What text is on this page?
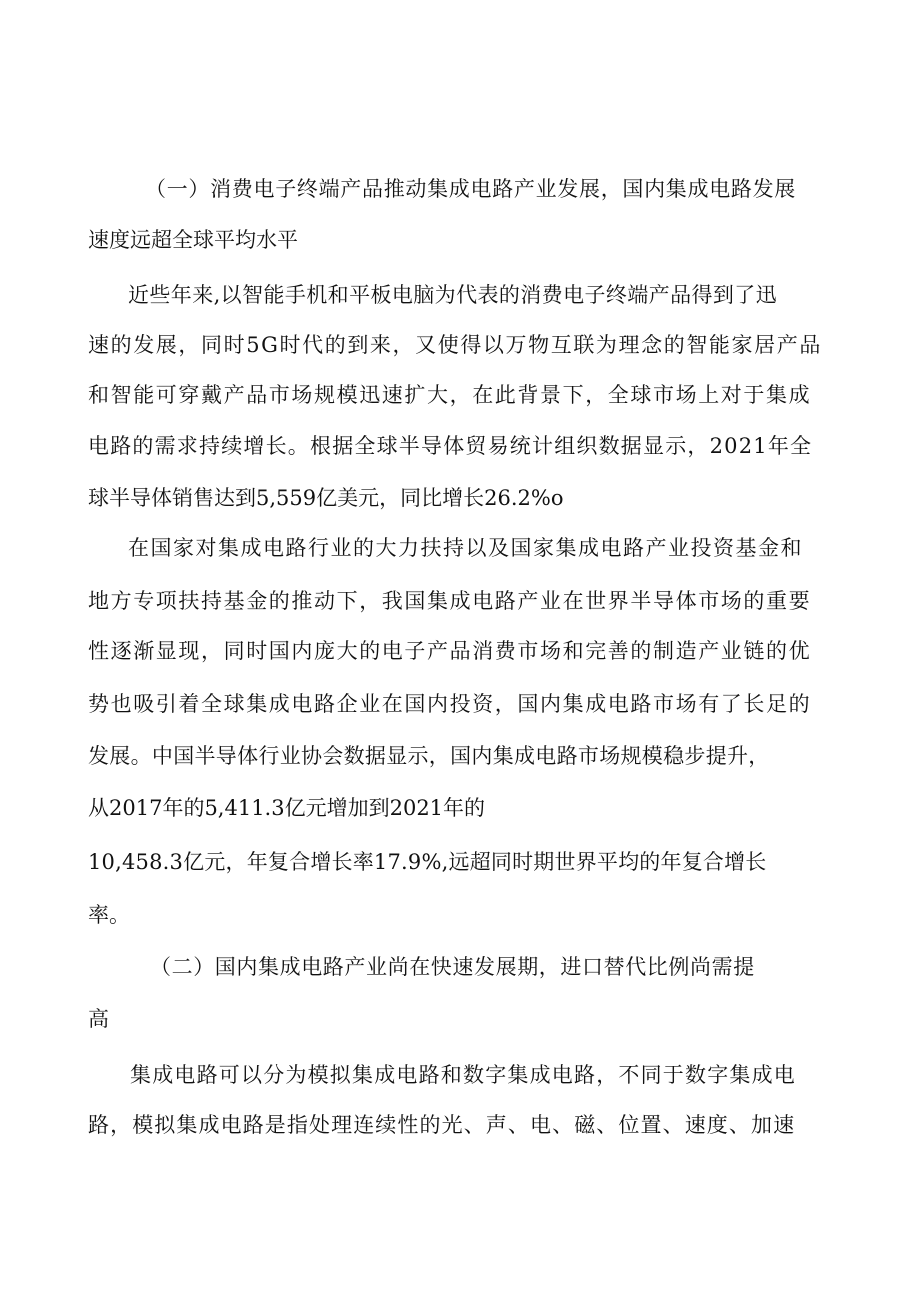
（一）消费电子终端产品推动集成电路产业发展，国内集成电路发展
速度远超全球平均水平
近些年来,以智能手机和平板电脑为代表的消费电子终端产品得到了迅
速的发展，同时5G时代的到来，又使得以万物互联为理念的智能家居产品
和智能可穿戴产品市场规模迅速扩大，在此背景下，全球市场上对于集成
电路的需求持续增长。根据全球半导体贸易统计组织数据显示，2021年全
球半导体销售达到5,559亿美元，同比增长26.2%o
在国家对集成电路行业的大力扶持以及国家集成电路产业投资基金和
地方专项扶持基金的推动下，我国集成电路产业在世界半导体市场的重要
性逐渐显现，同时国内庞大的电子产品消费市场和完善的制造产业链的优
势也吸引着全球集成电路企业在国内投资，国内集成电路市场有了长足的
发展。中国半导体行业协会数据显示，国内集成电路市场规模稳步提升，
从2017年的5,411.3亿元增加到2021年的
10,458.3亿元，年复合增长率17.9%,远超同时期世界平均的年复合增长
率。
（二）国内集成电路产业尚在快速发展期，进口替代比例尚需提
高
集成电路可以分为模拟集成电路和数字集成电路，不同于数字集成电
路，模拟集成电路是指处理连续性的光、声、电、磁、位置、速度、加速
